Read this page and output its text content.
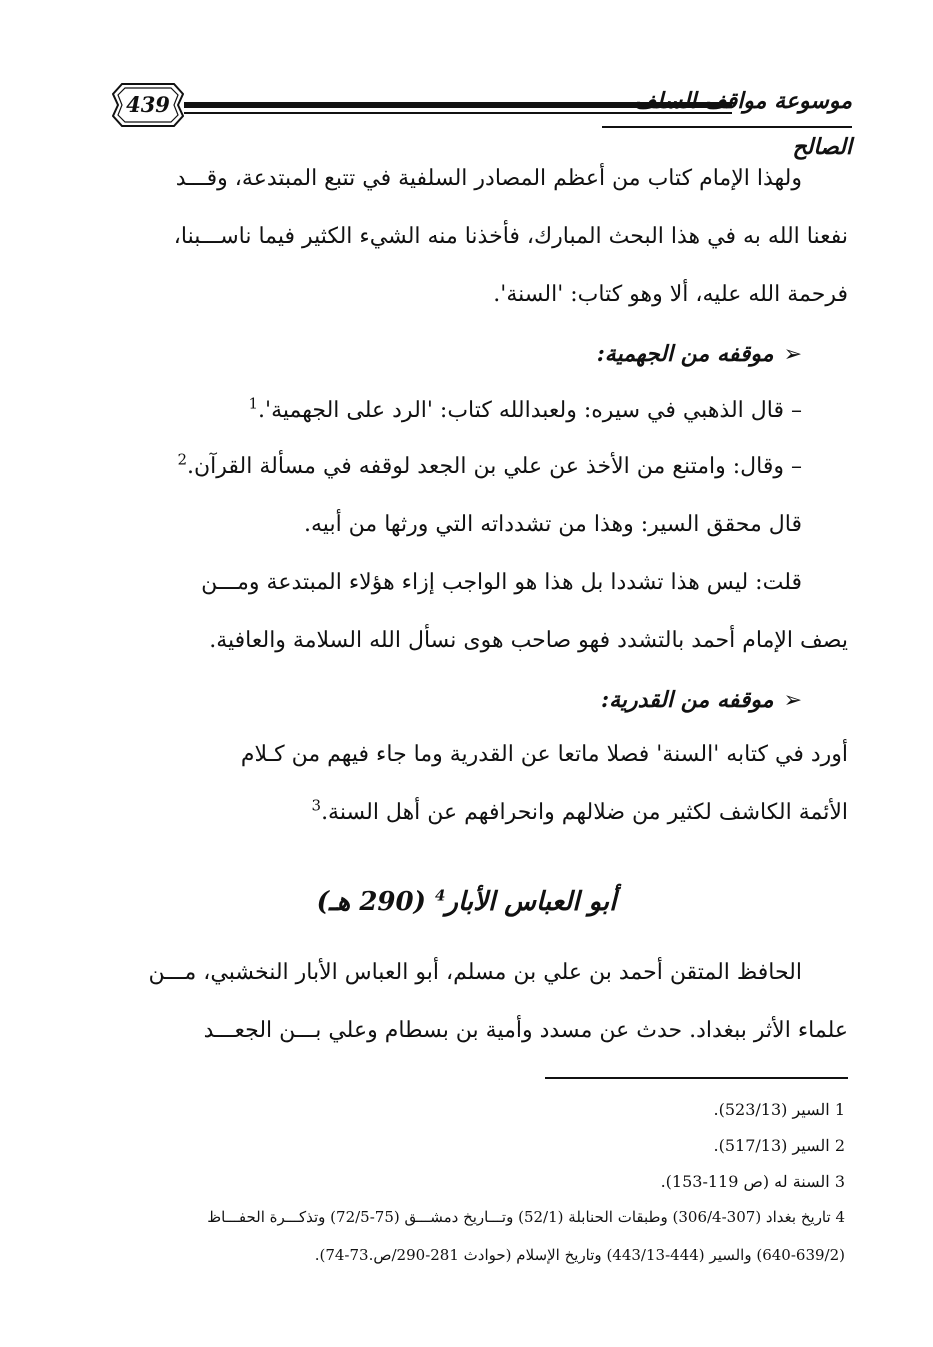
439	موسوعة مواقف السلف الصالح
ولهذا الإمام كتاب من أعظم المصادر السلفية في تتبع المبتدعة، وقـــد
نفعنا الله به في هذا البحث المبارك، فأخذنا منه الشيء الكثير فيما ناســـبنا،
فرحمة الله عليه، ألا وهو كتاب: 'السنة'.
➢موقفه من الجهمية:
– قال الذهبي في سيره: ولعبدالله كتاب: 'الرد على الجهمية'.$^1$
– وقال: وامتنع من الأخذ عن علي بن الجعد لوقفه في مسألة القرآن.$^2$
قال محقق السير: وهذا من تشدداته التي ورثها من أبيه.
قلت: ليس هذا تشددا بل هذا هو الواجب إزاء هؤلاء المبتدعة ومـــن
يصف الإمام أحمد بالتشدد فهو صاحب هوى نسأل الله السلامة والعافية.
➢موقفه من القدرية:
أورد في كتابه 'السنة' فصلا ماتعا عن القدرية وما جاء فيهم من كـلام
الأئمة الكاشف لكثير من ضلالهم وانحرافهم عن أهل السنة.$^3$
أبو العباس الأبار$^4$ (290 هـ)
الحافظ المتقن أحمد بن علي بن مسلم، أبو العباس الأبار النخشبي، مـــن
علماء الأثر ببغداد. حدث عن مسدد وأمية بن بسطام وعلي بـــن الجعـــد
1 السير (523/13).
2 السير (517/13).
3 السنة له (ص 119-153).
4 تاريخ بغداد (307-306/4) وطبقات الحنابلة (52/1) وتـــاريخ دمشـــق (75-72/5) وتذكـــرة الحفـــاظ
(640-639/2) والسير (444-443/13) وتاريخ الإسلام (حوادث 281-290/ص.73-74).
